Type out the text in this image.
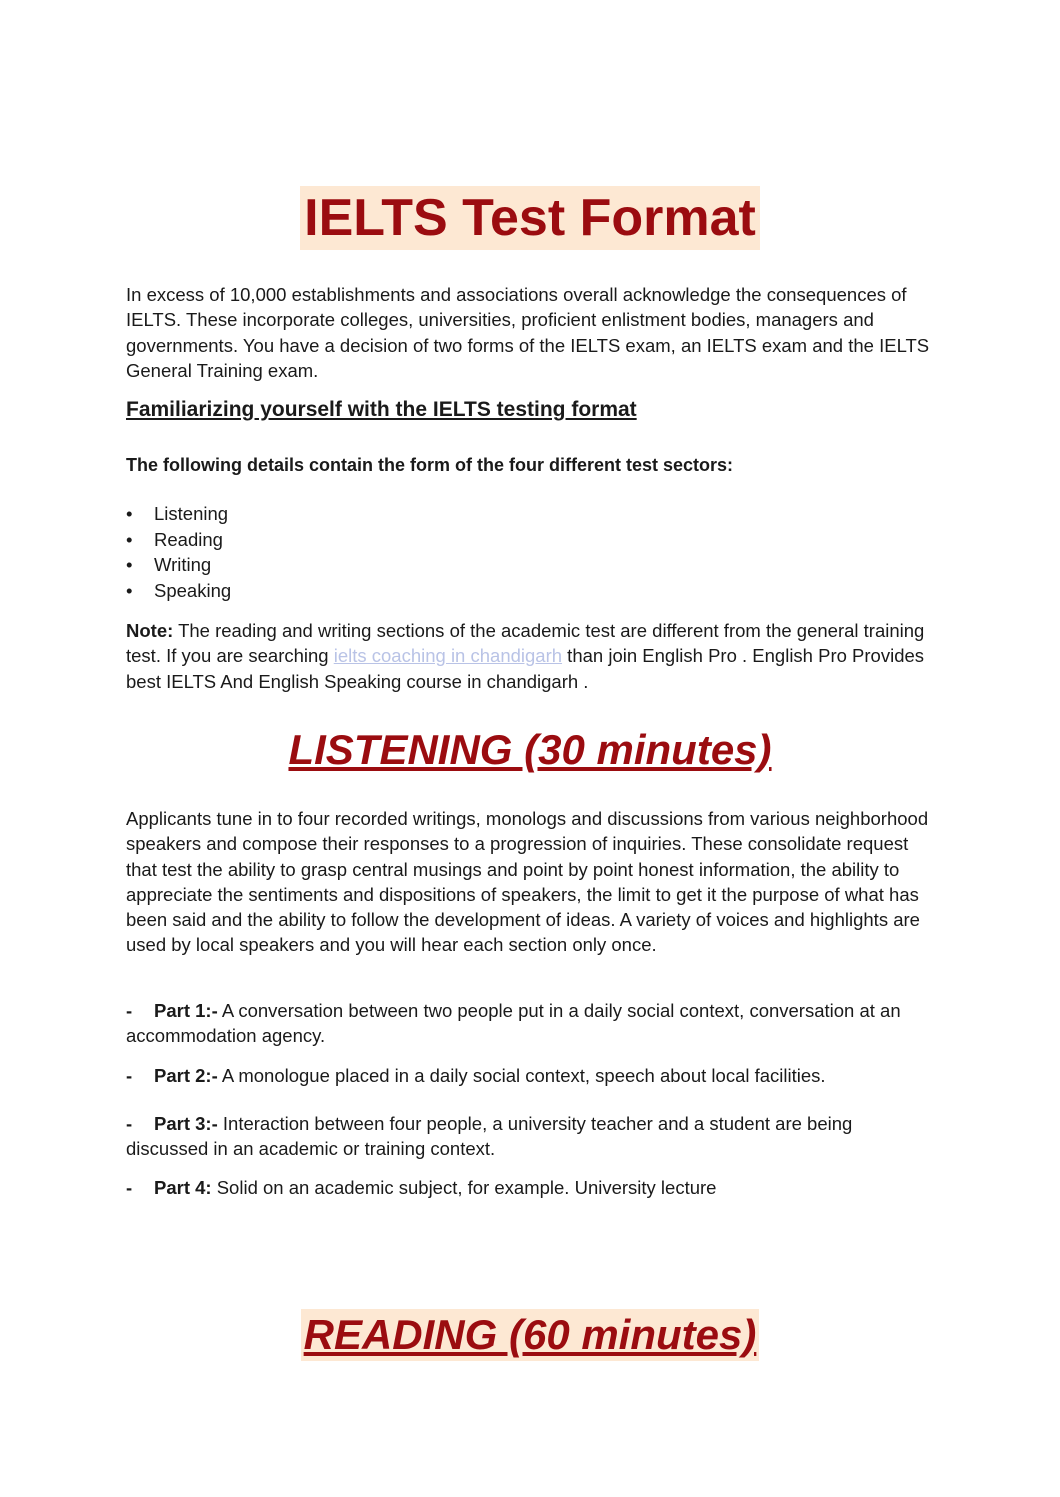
IELTS Test Format

In excess of 10,000 establishments and associations overall acknowledge the consequences of IELTS. These incorporate colleges, universities, proficient enlistment bodies, managers and governments. You have a decision of two forms of the IELTS exam, an IELTS exam and the IELTS General Training exam.

Familiarizing yourself with the IELTS testing format

The following details contain the form of the four different test sectors:

• Listening
• Reading
• Writing
• Speaking

Note: The reading and writing sections of the academic test are different from the general training test. If you are searching ielts coaching in chandigarh than join English Pro . English Pro Provides best IELTS And English Speaking course in chandigarh .

LISTENING (30 minutes)

Applicants tune in to four recorded writings, monologs and discussions from various neighborhood speakers and compose their responses to a progression of inquiries. These consolidate request that test the ability to grasp central musings and point by point honest information, the ability to appreciate the sentiments and dispositions of speakers, the limit to get it the purpose of what has been said and the ability to follow the development of ideas. A variety of voices and highlights are used by local speakers and you will hear each section only once.

- Part 1:- A conversation between two people put in a daily social context, conversation at an accommodation agency.

- Part 2:- A monologue placed in a daily social context, speech about local facilities.

- Part 3:- Interaction between four people, a university teacher and a student are being discussed in an academic or training context.

- Part 4: Solid on an academic subject, for example. University lecture

READING (60 minutes)
